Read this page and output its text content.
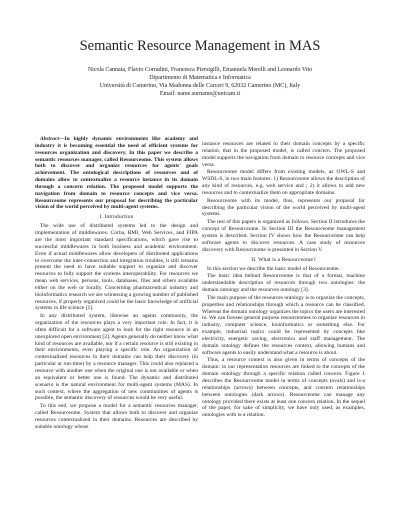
Semantic Resource Management in MAS
Nicola Cannata, Flavio Corradini, Francesca Piersigilli, Emanuela Merelli and Leonardo Vito
Dipartimento di Matematica e Informatica
Università di Camerino, Via Madonna delle Carceri 9, 62032 Camerino (MC), Italy
Email: name.surname@unicam.it

Abstract—In highly dynamic environments like academy and industry it is becoming essential the need of efficient systems for resources organization and discovery. In this paper we describe a semantic resources manager, called Resourceome. This system allows both to discover and organize resources for agents' goals achievement. The ontological descriptions of resources and of domains allow to contextualize a resource instance in its domain through a concern relation. The proposed model supports the navigation from domain to resource concepts and vice versa. Resourceome represents our proposal for describing the particular vision of the world perceived by multi-agent systems.

I. Introduction

The wide use of distributed systems led to the design and implementation of middlewares. Corba, RMI, Web Services, and FIPA are the most important standard specifications, which gave rise to successful middlewares in both business and academic environment. Even if actual middlewares allow developers of distributed applications to overcome the inter-connection and integration troubles, it still remains present the need to have suitable support to organize and discover resources to fully support the systems interoperability. For resources we mean web services, persons, tools, databases, files and others available either on the web or locally. Concerning pharmaceutical industry and bioinformatics research we are witnessing a growing number of published resources, if properly organized could be the basic knowledge of artificial systems in life science [1].

In any distributed system, likewise an agents community, the organization of the resources plays a very important role. In fact, it is often difficult for a software agent to look for the right resource in an unexplored open environment [2]. Agents generally do neither know what kind of resources are available, nor if a certain resource is still existing in their environments, even playing a specific role. An organization of contextualized resources in their domains can help their discovery (in particular at run-time) by a resource manager. This could also replaced a resource with another one when the original one is not available or when an equivalent or better one is found. The dynamic and distributed scenario is the natural environment for multi-agent systems (MAS). In such context, where the aggregation of new communities of agents is possible, the semantic discovery of resources would be very useful.

To this end, we propose a model for a semantic resources manager, called Resourceome. System that allows both to discover and organize resources contextualized in their domains. Resources are described by suitable ontology whose

instance resources are related to their domain concepts by a specific relation, that in the proposed model, is called concern. The proposed model supports the navigation from domain to resource concepts and vice versa.

Resourceome model differs from existing models, as OWL-S and WSDL-S, in two main features: 1) Resourceome allows the description of any kind of resources, e.g. web service and ; 2) it allows to add new resources and to contextualize them on appropriate domains.

Resourceome with its model, thus, represents our proposal for describing the particular vision of the world perceived by multi-agent systems.

The rest of this papers is organized as follows. Section II introduces the concept of Resourceome. In Section III the Resourceome management system is described. Section IV shows how the Resourceome can help software agents to discover resources. A case study of resources discovery with Resourceome is presented in Section V.

II. What is a Resourceome?

In this section we describe the basic model of Resourceome.

The basic idea behind Resourceome is that of a formal, machine understandable description of resources through two ontologies: the domain ontology and the resources ontology [3].

The main purpose of the resources ontology is to organize the concepts, properties and relationships through which a resource can be classified. Whereas the domain ontology organizes the topics the users are interested in. We can foresee general purpose resourceomes to organize resources in industry, computer science, bioinformatics or something else. For example, industrial topics could be represented by concepts like electricity, energetic saving, electronics and staff management. The domain ontology defines the resources context, allowing humans and software agents to easily understand what a resource is about.

Thus, a resource context is also given in terms of concepts of the domain: in our representation resources are linked to the concepts of the domain ontology through a specific relation called concern. Figure 1 describes the Resourceome model in terms of concepts (ovals) and is-a relationships (arrows) between concepts, and concern relationships between ontologies (dark arrows). Resourceome can manage any ontology provided there exists at least one concern relation. In the sequel of the paper, for sake of simplicity, we have only used, as examples, ontologies with is-a relation.
